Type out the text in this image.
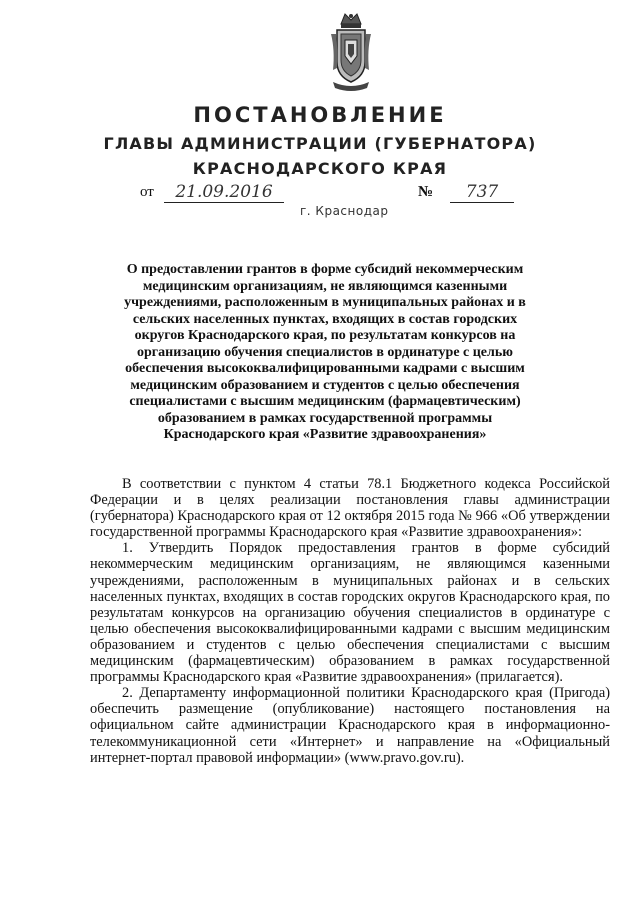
ПОСТАНОВЛЕНИЕ
ГЛАВЫ АДМИНИСТРАЦИИ (ГУБЕРНАТОРА)
КРАСНОДАРСКОГО КРАЯ
от	21.09.2016	№	737
г. Краснодар
О предоставлении грантов в форме субсидий некоммерческим медицинским организациям, не являющимся казенными учреждениями, расположенным в муниципальных районах и в сельских населенных пунктах, входящих в состав городских округов Краснодарского края, по результатам конкурсов на организацию обучения специалистов в ординатуре с целью обеспечения высококвалифицированными кадрами с высшим медицинским образованием и студентов с целью обеспечения специалистами с высшим медицинским (фармацевтическим) образованием в рамках государственной программы Краснодарского края «Развитие здравоохранения»

В соответствии с пунктом 4 статьи 78.1 Бюджетного кодекса Российской Федерации и в целях реализации постановления главы администрации (губернатора) Краснодарского края от 12 октября 2015 года № 966 «Об утверждении государственной программы Краснодарского края «Развитие здравоохранения»:

1. Утвердить Порядок предоставления грантов в форме субсидий некоммерческим медицинским организациям, не являющимся казенными учреждениями, расположенным в муниципальных районах и в сельских населенных пунктах, входящих в состав городских округов Краснодарского края, по результатам конкурсов на организацию обучения специалистов в ординатуре с целью обеспечения высококвалифицированными кадрами с высшим медицинским образованием и студентов с целью обеспечения специалистами с высшим медицинским (фармацевтическим) образованием в рамках государственной программы Краснодарского края «Развитие здравоохранения» (прилагается).

2. Департаменту информационной политики Краснодарского края (Пригода) обеспечить размещение (опубликование) настоящего постановления на официальном сайте администрации Краснодарского края в информационно-телекоммуникационной сети «Интернет» и направление на «Официальный интернет-портал правовой информации» (www.pravo.gov.ru).
